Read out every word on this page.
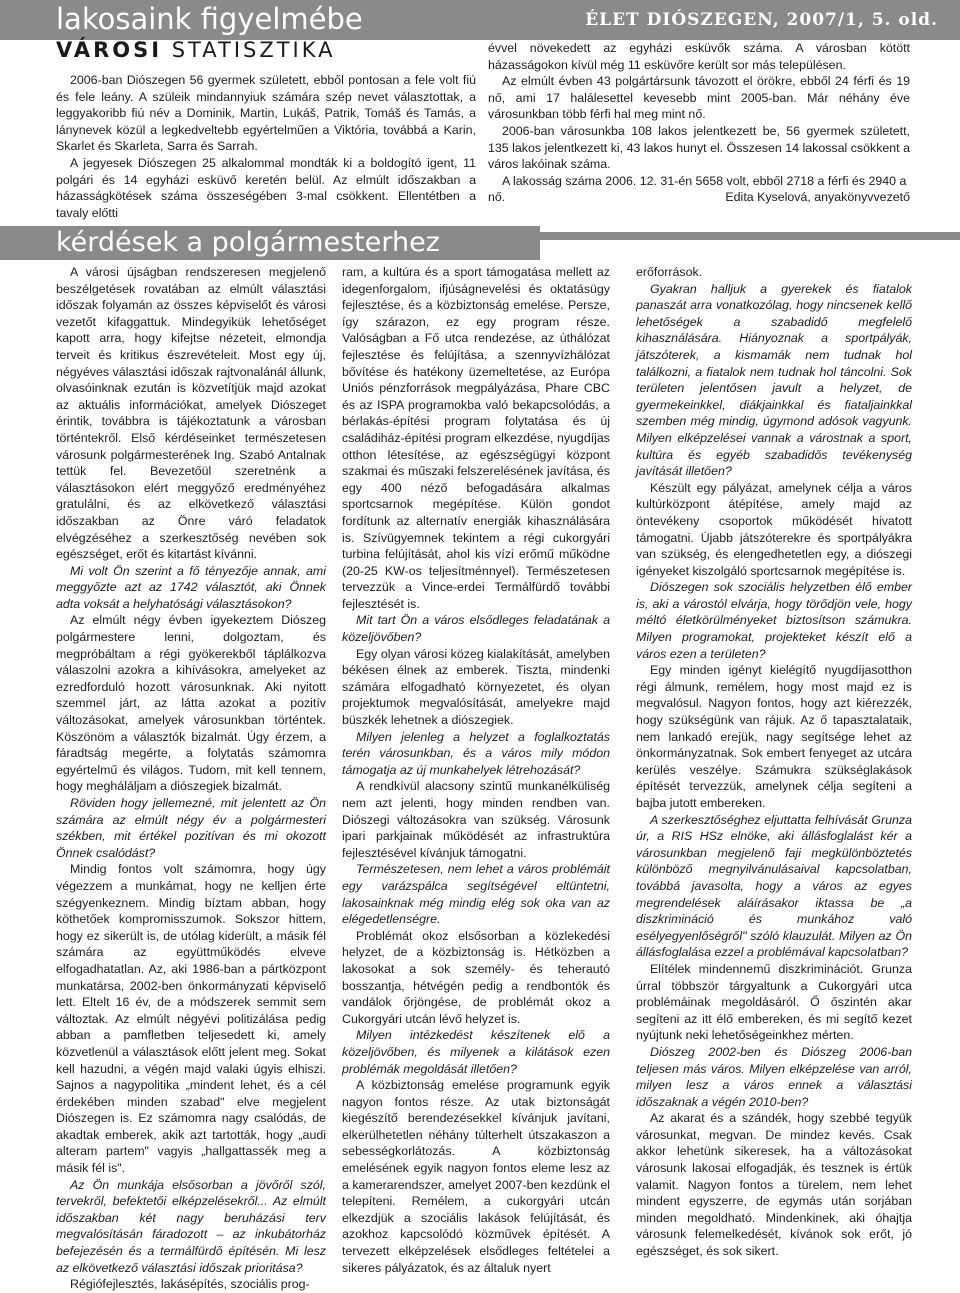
lakosaink figyelmébe	ÉLET DIÓSZEGEN, 2007/1, 5. old.
VÁROSI STATISZTIKA

2006-ban Diószegen 56 gyermek született, ebből pontosan a fele volt fiú és fele leány. A szüleik mindannyiuk számára szép nevet választottak, a leggyakoribb fiú név a Dominik, Martin, Lukáš, Patrik, Tomáš és Tamás, a lánynevek közül a legkedveltebb egyértelműen a Viktória, továbbá a Karin, Skarlet és Skarleta, Sarra és Sarrah.

A jegyesek Diószegen 25 alkalommal mondták ki a boldogító igent, 11 polgári és 14 egyházi esküvő keretén belül. Az elmúlt időszakban a házasságkötések száma összeségében 3-mal csökkent. Ellentétben a tavaly előtti

évvel növekedett az egyházi esküvők száma. A városban kötött házasságokon kívül még 11 esküvőre került sor más településen.

Az elmúlt évben 43 polgártársunk távozott el örökre, ebből 24 férfi és 19 nő, ami 17 halálesettel kevesebb mint 2005-ban. Már néhány éve városunkban több férfi hal meg mint nő.

2006-ban városunkba 108 lakos jelentkezett be, 56 gyermek született, 135 lakos jelentkezett ki, 43 lakos hunyt el. Összesen 14 lakossal csökkent a város lakóinak száma.

A lakosság száma 2006. 12. 31-én 5658 volt, ebből 2718 a férfi és 2940 a

nő.	Edita Kyselová, anyakönyvvezető
kérdések a polgármesterhez

A városi újságban rendszeresen megjelenő beszélgetések rovatában az elmúlt választási időszak folyamán az összes képviselőt és városi vezetőt kifaggattuk. Mindegyikük lehetőséget kapott arra, hogy kifejtse nézeteit, elmondja terveit és kritikus észrevételeit. Most egy új, négyéves választási időszak rajtvonalánál állunk, olvasóinknak ezután is közvetítjük majd azokat az aktuális információkat, amelyek Diószeget érintik, továbbra is tájékoztatunk a városban történtekről. Első kérdéseinket természetesen városunk polgármesterének Ing. Szabó Antalnak tettük fel. Bevezetőül szeretnénk a választásokon elért meggyőző eredményéhez gratulálni, és az elkövetkező választási időszakban az Önre váró feladatok elvégzéséhez a szerkesztőség nevében sok egészséget, erőt és kitartást kívánni.

Mi volt Ön szerint a fő tényezője annak, ami meggyőzte azt az 1742 választót, aki Önnek adta voksát a helyhatósági választásokon?

Az elmúlt négy évben igyekeztem Diószeg polgármestere lenni, dolgoztam, és megpróbáltam a régi gyökerekből táplálkozva válaszolni azokra a kihívásokra, amelyeket az ezredforduló hozott városunknak. Aki nyitott szemmel járt, az látta azokat a pozitív változásokat, amelyek városunkban történtek. Köszönöm a választók bizalmát. Úgy érzem, a fáradtság megérte, a folytatás számomra egyértelmű és világos. Tudom, mit kell tennem, hogy megháláljam a diószegiek bizalmát.

Röviden hogy jellemezné, mit jelentett az Ön számára az elmúlt négy év a polgármesteri székben, mit értékel pozitívan és mi okozott Önnek csalódást?

Mindig fontos volt számomra, hogy úgy végezzem a munkámat, hogy ne kelljen érte szégyenkeznem. Mindig bíztam abban, hogy köthetőek kompromisszumok. Sokszor hittem, hogy ez sikerült is, de utólag kiderült, a másik fél számára az együttműködés elveve elfogadhatatlan. Az, aki 1986-ban a pártközpont munkatársa, 2002-ben önkormányzati képviselő lett. Eltelt 16 év, de a módszerek semmit sem változtak. Az elmúlt négyévi politizálása pedig abban a pamfletben teljesedett ki, amely közvetlenül a választások előtt jelent meg. Sokat kell hazudni, a végén majd valaki úgyis elhiszi. Sajnos a nagypolitika „mindent lehet, és a cél érdekében minden szabad" elve megjelent Diószegen is. Ez számomra nagy csalódás, de akadtak emberek, akik azt tartották, hogy „audi alteram partem" vagyis „hallgattassék meg a másik fél is".

Az Ön munkája elsősorban a jövőről szól, tervekről, befektetői elképzelésekről... Az elmúlt időszakban két nagy beruházási terv megvalósításán fáradozott – az inkubátorház befejezésén és a termálfürdő építésén. Mi lesz az elkövetkező választási időszak prioritása?

Régiófejlesztés, lakásépítés, szociális prog-

ram, a kultúra és a sport támogatása mellett az idegenforgalom, ifjúságnevelési és oktatásügy fejlesztése, és a közbiztonság emelése. Persze, így szárazon, ez egy program része. Valóságban a Fő utca rendezése, az úthálózat fejlesztése és felújítása, a szennyvízhálózat bővítése és hatékony üzemeltetése, az Európa Uniós pénzforrások megpályázása, Phare CBC és az ISPA programokba való bekapcsolódás, a bérlakás-építési program folytatása és új családiház-építési program elkezdése, nyugdíjas otthon létesítése, az egészségügyi központ szakmai és műszaki felszerelésének javítása, és egy 400 néző befogadására alkalmas sportcsarnok megépítése. Külön gondot fordítunk az alternatív energiák kihasználására is. Szívügyemnek tekintem a régi cukorgyári turbina felújítását, ahol kis vízi erőmű működne (20-25 KW-os teljesítménnyel). Természetesen tervezzük a Vince-erdei Termálfürdő további fejlesztését is.

Mit tart Ön a város elsődleges feladatának a közeljövőben?

Egy olyan városi közeg kialakítását, amelyben békésen élnek az emberek. Tiszta, mindenki számára elfogadható környezetet, és olyan projektumok megvalósítását, amelyekre majd büszkék lehetnek a diószegiek.

Milyen jelenleg a helyzet a foglalkoztatás terén városunkban, és a város mily módon támogatja az új munkahelyek létrehozását?

A rendkívül alacsony szintű munkanélküliség nem azt jelenti, hogy minden rendben van. Diószegi változásokra van szükség. Városunk ipari parkjainak működését az infrastruktúra fejlesztésével kívánjuk támogatni.

Természetesen, nem lehet a város problémáit egy varázspálca segítségével eltüntetni, lakosainknak még mindig elég sok oka van az elégedetlenségre.

Problémát okoz elsősorban a közlekedési helyzet, de a közbiztonság is. Hétközben a lakosokat a sok személy- és teherautó bosszantja, hétvégén pedig a rendbontók és vandálok őrjöngése, de problémát okoz a Cukorgyári utcán lévő helyzet is.

Milyen intézkedést készítenek elő a közeljövőben, és milyenek a kilátások ezen problémák megoldását illetően?

A közbiztonság emelése programunk egyik nagyon fontos része. Az utak biztonságát kiegészítő berendezésekkel kívánjuk javítani, elkerülhetetlen néhány túlterhelt útszakaszon a sebességkorlátozás. A közbiztonság emelésének egyik nagyon fontos eleme lesz az a kamerarendszer, amelyet 2007-ben kezdünk el telepíteni. Remélem, a cukorgyári utcán elkezdjük a szociális lakások felújítását, és azokhoz kapcsolódó közművek építését. A tervezett elképzelések elsődleges feltételei a sikeres pályázatok, és az általuk nyert

erőforrások.

Gyakran halljuk a gyerekek és fiatalok panaszát arra vonatkozólag, hogy nincsenek kellő lehetőségek a szabadidő megfelelő kihasználására. Hiányoznak a sportpályák, játszóterek, a kismamák nem tudnak hol találkozni, a fiatalok nem tudnak hol táncolni. Sok területen jelentősen javult a helyzet, de gyermekeinkkel, diákjainkkal és fiataljainkkal szemben még mindig, úgymond adósok vagyunk. Milyen elképzelései vannak a várostnak a sport, kultúra és egyéb szabadidős tevékenység javítását illetően?

Készült egy pályázat, amelynek célja a város kultúrközpont átépítése, amely majd az öntevékeny csoportok működését hivatott támogatni. Újabb játszóterekre és sportpályákra van szükség, és elengedhetetlen egy, a diószegi igényeket kiszolgáló sportcsarnok megépítése is.

Diószegen sok szociális helyzetben élő ember is, aki a várostól elvárja, hogy törődjön vele, hogy méltó életkörülményeket biztosítson számukra. Milyen programokat, projekteket készít elő a város ezen a területen?

Egy minden igényt kielégítő nyugdíjasotthon régi álmunk, remélem, hogy most majd ez is megvalósul. Nagyon fontos, hogy azt kiérezzék, hogy szükségünk van rájuk. Az ő tapasztalataik, nem lankadó erejük, nagy segítsége lehet az önkormányzatnak. Sok embert fenyeget az utcára kerülés veszélye. Számukra szükséglakások építését tervezzük, amelynek célja segíteni a bajba jutott embereken.

A szerkesztőséghez eljuttatta felhívását Grunza úr, a RIS HSz elnöke, aki állásfoglalást kér a városunkban megjelenő faji megkülönböztetés különböző megnyilvánulásaival kapcsolatban, továbbá javasolta, hogy a város az egyes megrendelések aláírásakor iktassa be „a diszkrimináció és munkához való esélyegyenlőségről" szóló klauzulát. Milyen az Ön állásfoglalása ezzel a problémával kapcsolatban?

Elítélek mindennemű diszkriminációt. Grunza úrral többször tárgyaltunk a Cukorgyári utca problémáinak megoldásáról. Ő őszintén akar segíteni az itt élő embereken, és mi segítő kezet nyújtunk neki lehetőségeinkhez mérten.

Diószeg 2002-ben és Diószeg 2006-ban teljesen más város. Milyen elképzelése van arról, milyen lesz a város ennek a választási időszaknak a végén 2010-ben?

Az akarat és a szándék, hogy szebbé tegyük városunkat, megvan. De mindez kevés. Csak akkor lehetünk sikeresek, ha a változásokat városunk lakosai elfogadják, és tesznek is értük valamit. Nagyon fontos a türelem, nem lehet mindent egyszerre, de egymás után sorjában minden megoldható. Mindenkinek, aki óhajtja városunk felemelkedését, kívánok sok erőt, jó egészséget, és sok sikert.
